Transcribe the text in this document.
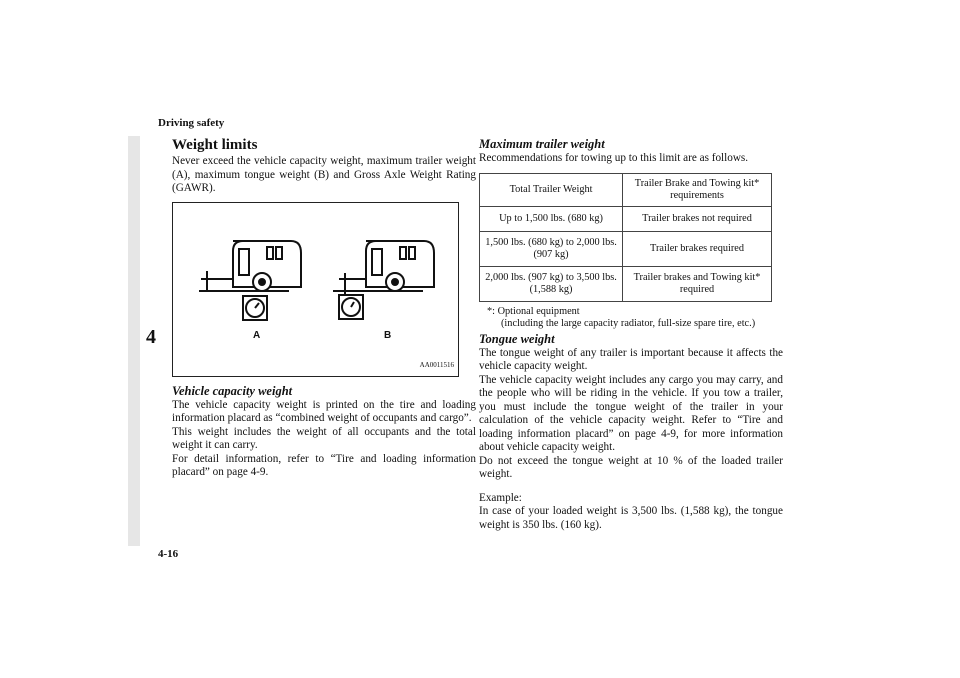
Driving safety
4
4-16
Weight limits

Never exceed the vehicle capacity weight, maximum trailer weight (A), maximum tongue weight (B) and Gross Axle Weight Rating (GAWR).

A	B
AA0011516
Vehicle capacity weight

The vehicle capacity weight is printed on the tire and loading information placard as “combined weight of occupants and cargo”.

This weight includes the weight of all occupants and the total weight it can carry.

For detail information, refer to “Tire and loading information placard” on page 4-9.

Maximum trailer weight

Recommendations for towing up to this limit are as follows.

Total Trailer Weight	Trailer Brake and Towing kit* requirements
Up to 1,500 lbs. (680 kg)	Trailer brakes not required
1,500 lbs. (680 kg) to 2,000 lbs. (907 kg)	Trailer brakes required
2,000 lbs. (907 kg) to 3,500 lbs. (1,588 kg)	Trailer brakes and Towing kit* required
*: Optional equipment
(including the large capacity radiator, full-size spare tire, etc.)
Tongue weight

The tongue weight of any trailer is important because it affects the vehicle capacity weight.

The vehicle capacity weight includes any cargo you may carry, and the people who will be riding in the vehicle. If you tow a trailer, you must include the tongue weight of the trailer in your calculation of the vehicle capacity weight. Refer to “Tire and loading information placard” on page 4-9, for more information about vehicle capacity weight.

Do not exceed the tongue weight at 10 % of the loaded trailer weight.

Example:

In case of your loaded weight is 3,500 lbs. (1,588 kg), the tongue weight is 350 lbs. (160 kg).
